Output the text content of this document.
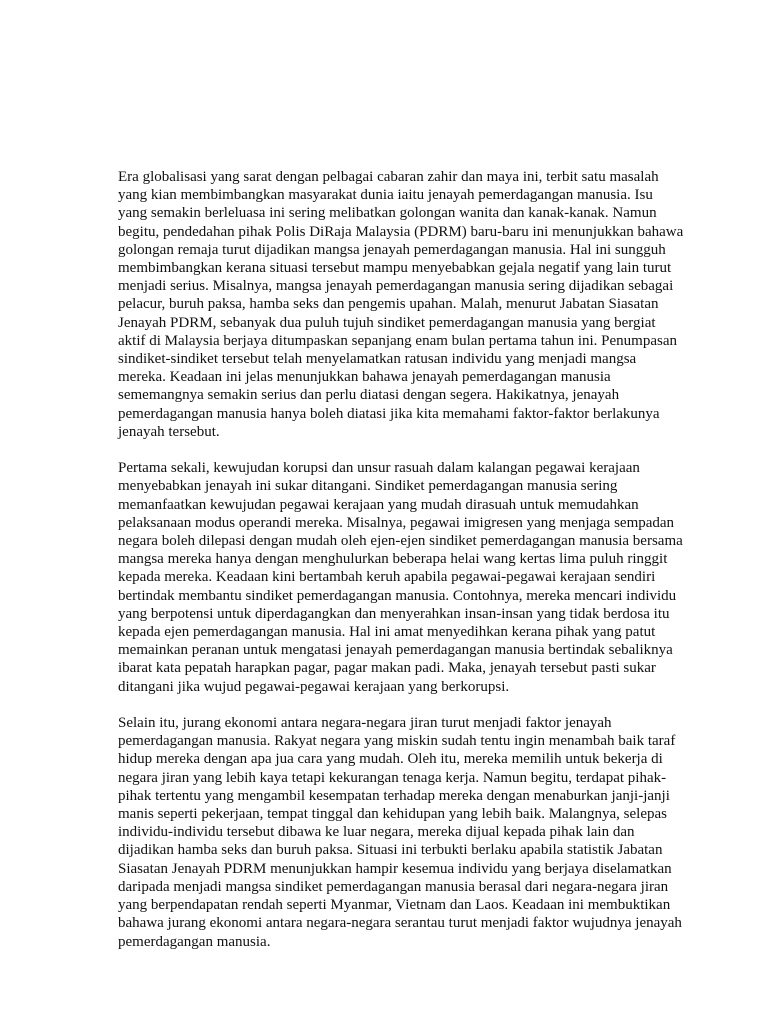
Era globalisasi yang sarat dengan pelbagai cabaran zahir dan maya ini, terbit satu masalah
yang kian membimbangkan masyarakat dunia iaitu jenayah pemerdagangan manusia. Isu
yang semakin berleluasa ini sering melibatkan golongan wanita dan kanak-kanak. Namun
begitu, pendedahan pihak Polis DiRaja Malaysia (PDRM) baru-baru ini menunjukkan bahawa
golongan remaja turut dijadikan mangsa jenayah pemerdagangan manusia. Hal ini sungguh
membimbangkan kerana situasi tersebut mampu menyebabkan gejala negatif yang lain turut
menjadi serius. Misalnya, mangsa jenayah pemerdagangan manusia sering dijadikan sebagai
pelacur, buruh paksa, hamba seks dan pengemis upahan. Malah, menurut Jabatan Siasatan
Jenayah PDRM, sebanyak dua puluh tujuh sindiket pemerdagangan manusia yang bergiat
aktif di Malaysia berjaya ditumpaskan sepanjang enam bulan pertama tahun ini. Penumpasan
sindiket-sindiket tersebut telah menyelamatkan ratusan individu yang menjadi mangsa
mereka. Keadaan ini jelas menunjukkan bahawa jenayah pemerdagangan manusia
sememangnya semakin serius dan perlu diatasi dengan segera. Hakikatnya, jenayah
pemerdagangan manusia hanya boleh diatasi jika kita memahami faktor-faktor berlakunya
jenayah tersebut.

Pertama sekali, kewujudan korupsi dan unsur rasuah dalam kalangan pegawai kerajaan
menyebabkan jenayah ini sukar ditangani. Sindiket pemerdagangan manusia sering
memanfaatkan kewujudan pegawai kerajaan yang mudah dirasuah untuk memudahkan
pelaksanaan modus operandi mereka. Misalnya, pegawai imigresen yang menjaga sempadan
negara boleh dilepasi dengan mudah oleh ejen-ejen sindiket pemerdagangan manusia bersama
mangsa mereka hanya dengan menghulurkan beberapa helai wang kertas lima puluh ringgit
kepada mereka. Keadaan kini bertambah keruh apabila pegawai-pegawai kerajaan sendiri
bertindak membantu sindiket pemerdagangan manusia. Contohnya, mereka mencari individu
yang berpotensi untuk diperdagangkan dan menyerahkan insan-insan yang tidak berdosa itu
kepada ejen pemerdagangan manusia. Hal ini amat menyedihkan kerana pihak yang patut
memainkan peranan untuk mengatasi jenayah pemerdagangan manusia bertindak sebaliknya
ibarat kata pepatah harapkan pagar, pagar makan padi. Maka, jenayah tersebut pasti sukar
ditangani jika wujud pegawai-pegawai kerajaan yang berkorupsi.

Selain itu, jurang ekonomi antara negara-negara jiran turut menjadi faktor jenayah
pemerdagangan manusia. Rakyat negara yang miskin sudah tentu ingin menambah baik taraf
hidup mereka dengan apa jua cara yang mudah. Oleh itu, mereka memilih untuk bekerja di
negara jiran yang lebih kaya tetapi kekurangan tenaga kerja. Namun begitu, terdapat pihak-
pihak tertentu yang mengambil kesempatan terhadap mereka dengan menaburkan janji-janji
manis seperti pekerjaan, tempat tinggal dan kehidupan yang lebih baik. Malangnya, selepas
individu-individu tersebut dibawa ke luar negara, mereka dijual kepada pihak lain dan
dijadikan hamba seks dan buruh paksa. Situasi ini terbukti berlaku apabila statistik Jabatan
Siasatan Jenayah PDRM menunjukkan hampir kesemua individu yang berjaya diselamatkan
daripada menjadi mangsa sindiket pemerdagangan manusia berasal dari negara-negara jiran
yang berpendapatan rendah seperti Myanmar, Vietnam dan Laos. Keadaan ini membuktikan
bahawa jurang ekonomi antara negara-negara serantau turut menjadi faktor wujudnya jenayah
pemerdagangan manusia.
